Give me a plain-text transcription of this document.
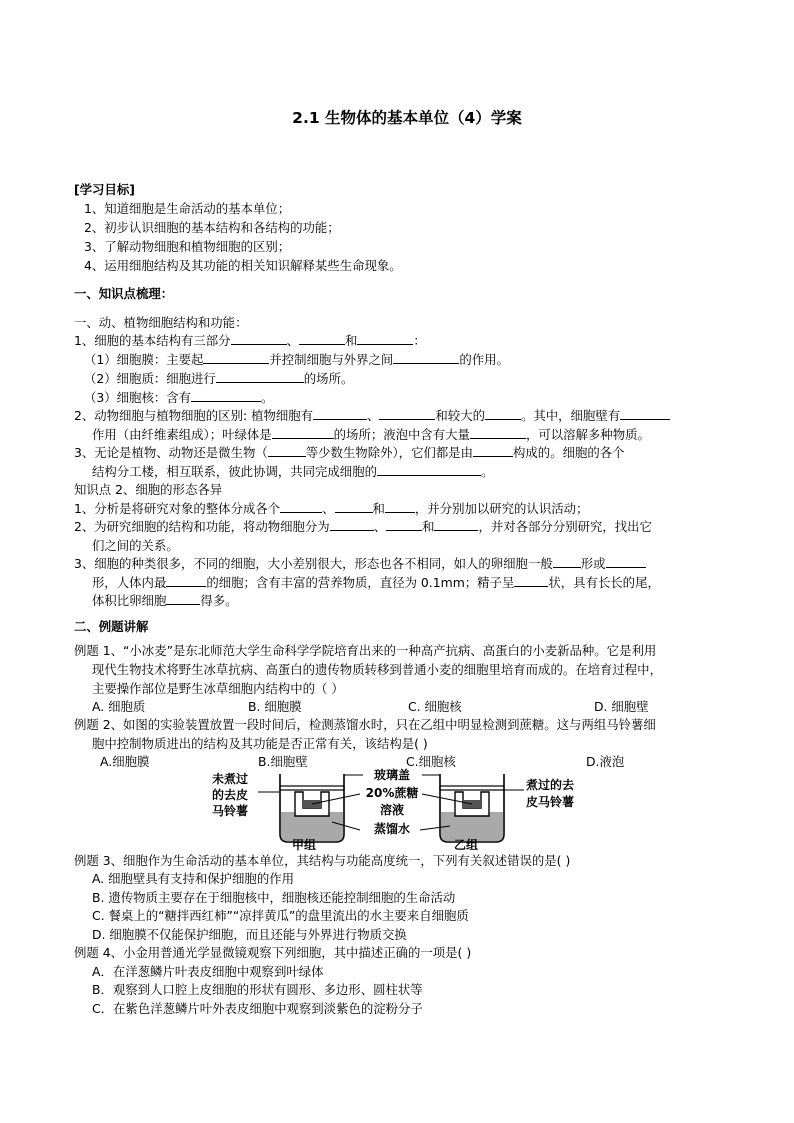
2.1 生物体的基本单位（4）学案
[学习目标]
1、知道细胞是生命活动的基本单位；
2、初步认识细胞的基本结构和各结构的功能；
3、了解动物细胞和植物细胞的区别；
4、运用细胞结构及其功能的相关知识解释某些生命现象。
一、知识点梳理：
一、动、植物细胞结构和功能：
1、细胞的基本结构有三部分	、	和	：
（1）细胞膜：主要起	并控制细胞与外界之间	的作用。
（2）细胞质：细胞进行	的场所。
（3）细胞核：含有	。
2、动物细胞与植物细胞的区别: 植物细胞有	、	和较大的	。其中，细胞壁有
作用（由纤维素组成）；叶绿体是	的场所；液泡中含有大量	，可以溶解多种物质。
3、无论是植物、动物还是微生物（	等少数生物除外），它们都是由	构成的。细胞的各个
结构分工楼，相互联系，彼此协调，共同完成细胞的	。
知识点 2、细胞的形态各异
1、分析是将研究对象的整体分成各个	、	和 ，并分别加以研究的认识活动；
2、为研究细胞的结构和功能，将动物细胞分为	、	和	，并对各部分分别研究，找出它
们之间的关系。
3、细胞的种类很多，不同的细胞，大小差别很大，形态也各不相同，如人的卵细胞一般 形或
形，人体内最	的细胞；含有丰富的营养物质，直径为 0.1mm；精子呈	状，具有长长的尾，
体积比卵细胞	得多。
二、例题讲解
例题 1、“小冰麦”是东北师范大学生命科学学院培育出来的一种高产抗病、高蛋白的小麦新品种。它是利用
现代生物技术将野生冰草抗病、高蛋白的遗传物质转移到普通小麦的细胞里培育而成的。在培育过程中，
主要操作部位是野生冰草细胞内结构中的（ ）
A. 细胞质	B. 细胞膜	C. 细胞核	D. 细胞壁
例题 2、如图的实验装置放置一段时间后，检测蒸馏水时，只在乙组中明显检测到蔗糖。这与两组马铃薯细
胞中控制物质进出的结构及其功能是否正常有关，该结构是( )
A.细胞膜	B.细胞壁	C.细胞核	D.液泡
未煮过
的去皮
马铃薯
玻璃盖
20%蔗糖
溶液
蒸馏水
煮过的去
皮马铃薯
甲组	乙组
例题 3、细胞作为生命活动的基本单位，其结构与功能高度统一，下列有关叙述错误的是( )
A. 细胞壁具有支持和保护细胞的作用
B. 遗传物质主要存在于细胞核中，细胞核还能控制细胞的生命活动
C. 餐桌上的“糖拌西红柿”“凉拌黄瓜”的盘里流出的水主要来自细胞质
D. 细胞膜不仅能保护细胞，而且还能与外界进行物质交换
例题 4、小金用普通光学显微镜观察下列细胞，其中描述正确的一项是( )
A．在洋葱鳞片叶表皮细胞中观察到叶绿体
B．观察到人口腔上皮细胞的形状有圆形、多边形、圆柱状等
C．在紫色洋葱鳞片叶外表皮细胞中观察到淡紫色的淀粉分子
